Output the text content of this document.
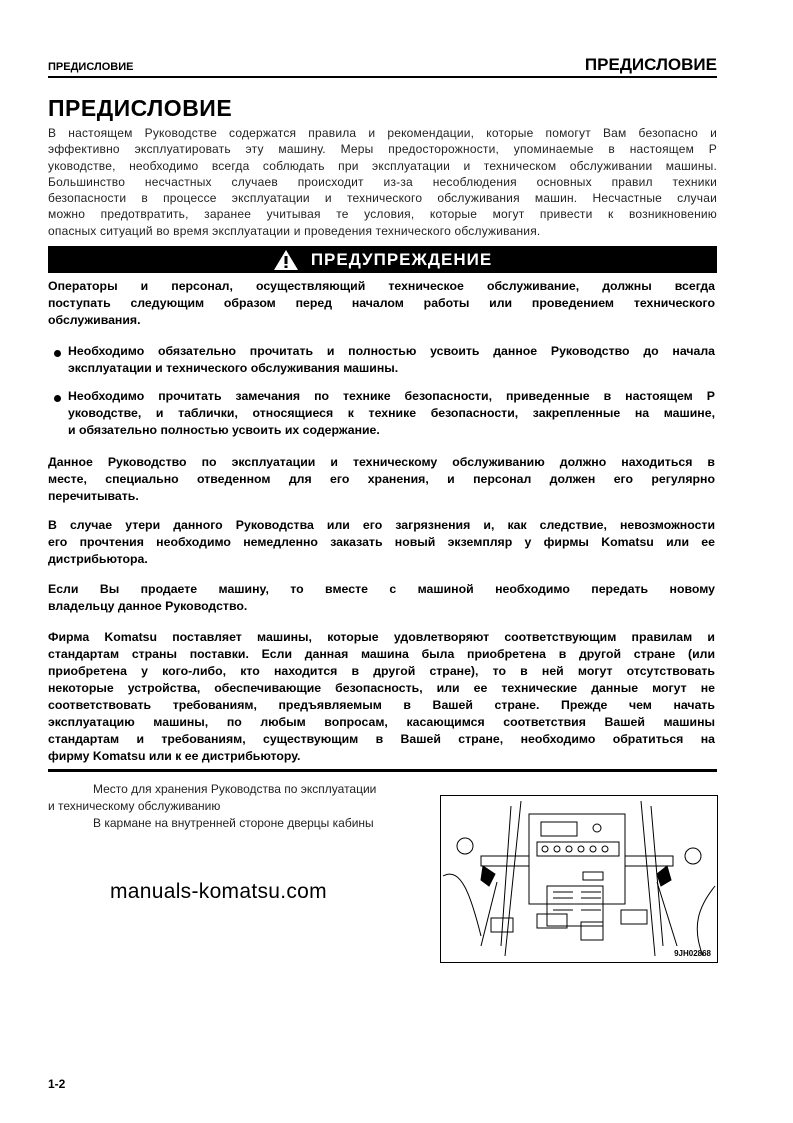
ПРЕДИСЛОВИЕ	ПРЕДИСЛОВИЕ
ПРЕДИСЛОВИЕ
В настоящем Руководстве содержатся правила и рекомендации, которые помогут Вам безопасно и
эффективно эксплуатировать эту машину. Меры предосторожности, упоминаемые в настоящем Р
уководстве, необходимо всегда соблюдать при эксплуатации и техническом обслуживании машины.
Большинство несчастных случаев происходит из-за несоблюдения основных правил техники
безопасности в процессе эксплуатации и технического обслуживания машин. Несчастные случаи
можно предотвратить, заранее учитывая те условия, которые могут привести к возникновению
опасных ситуаций во время эксплуатации и проведения технического обслуживания.
ПРЕДУПРЕЖДЕНИЕ
Операторы и персонал, осуществляющий техническое обслуживание, должны всегда
поступать следующим образом перед началом работы или проведением технического
обслуживания.
Необходимо обязательно прочитать и полностью усвоить данное Руководство до начала
эксплуатации и технического обслуживания машины.
Необходимо прочитать замечания по технике безопасности, приведенные в настоящем Р
уководстве, и таблички, относящиеся к технике безопасности, закрепленные на машине,
и обязательно полностью усвоить их содержание.
Данное Руководство по эксплуатации и техническому обслуживанию должно находиться в
месте, специально отведенном для его хранения, и персонал должен его регулярно
перечитывать.
В случае утери данного Руководства или его загрязнения и, как следствие, невозможности
его прочтения необходимо немедленно заказать новый экземпляр у фирмы Komatsu или ее
дистрибьютора.
Если Вы продаете машину, то вместе с машиной необходимо передать новому
владельцу данное Руководство.
Фирма Komatsu поставляет машины, которые удовлетворяют соответствующим правилам и
стандартам страны поставки. Если данная машина была приобретена в другой стране (или
приобретена у кого-либо, кто находится в другой стране), то в ней могут отсутствовать
некоторые устройства, обеспечивающие безопасность, или ее технические данные могут не
соответствовать требованиям, предъявляемым в Вашей стране. Прежде чем начать
эксплуатацию машины, по любым вопросам, касающимся соответствия Вашей машины
стандартам и требованиям, существующим в Вашей стране, необходимо обратиться на
фирму Komatsu или к ее дистрибьютору.
Место для хранения Руководства по эксплуатации
и техническому обслуживанию
В кармане на внутренней стороне дверцы кабины
manuals-komatsu.com
9JH02868
1-2
